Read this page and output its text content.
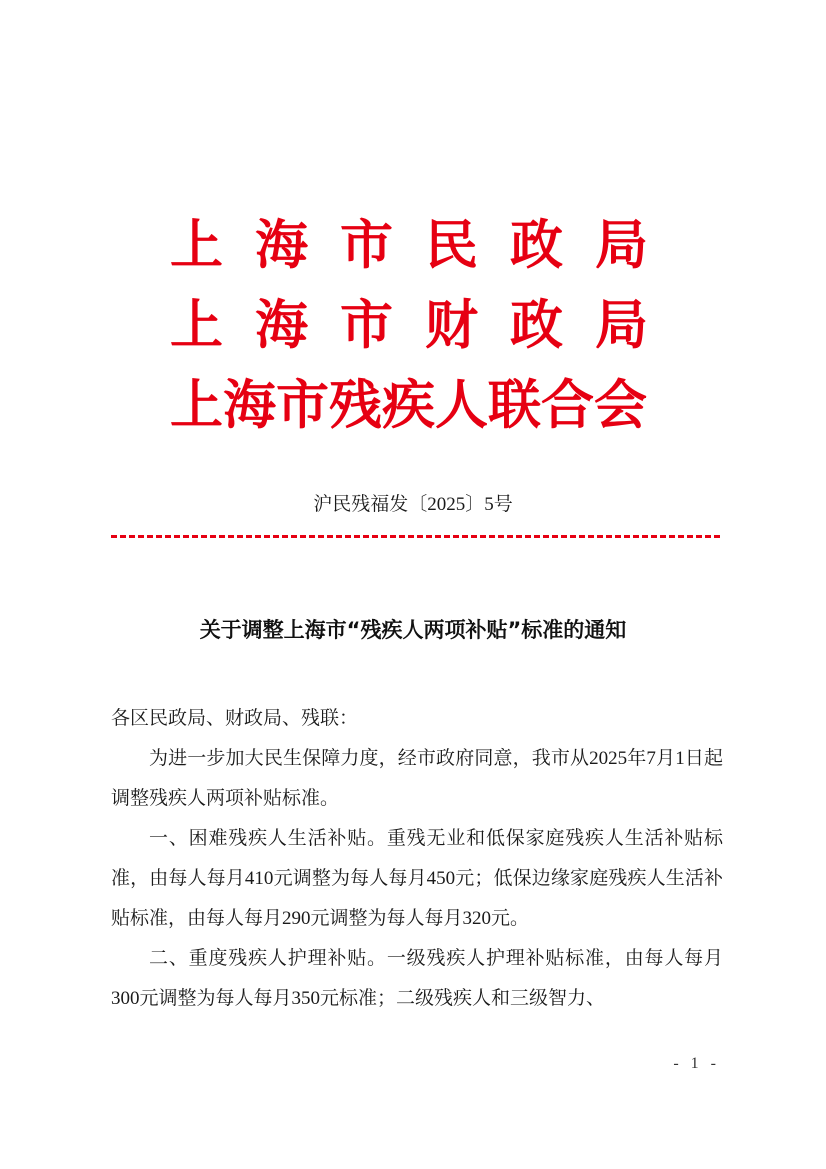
上海市民政局
上海市财政局
上海市残疾人联合会
沪民残福发〔2025〕5号
关于调整上海市“残疾人两项补贴”标准的通知

各区民政局、财政局、残联：

为进一步加大民生保障力度，经市政府同意，我市从2025年7月1日起调整残疾人两项补贴标准。

一、困难残疾人生活补贴。重残无业和低保家庭残疾人生活补贴标准，由每人每月410元调整为每人每月450元；低保边缘家庭残疾人生活补贴标准，由每人每月290元调整为每人每月320元。

二、重度残疾人护理补贴。一级残疾人护理补贴标准，由每人每月300元调整为每人每月350元标准；二级残疾人和三级智力、

- 1 -
